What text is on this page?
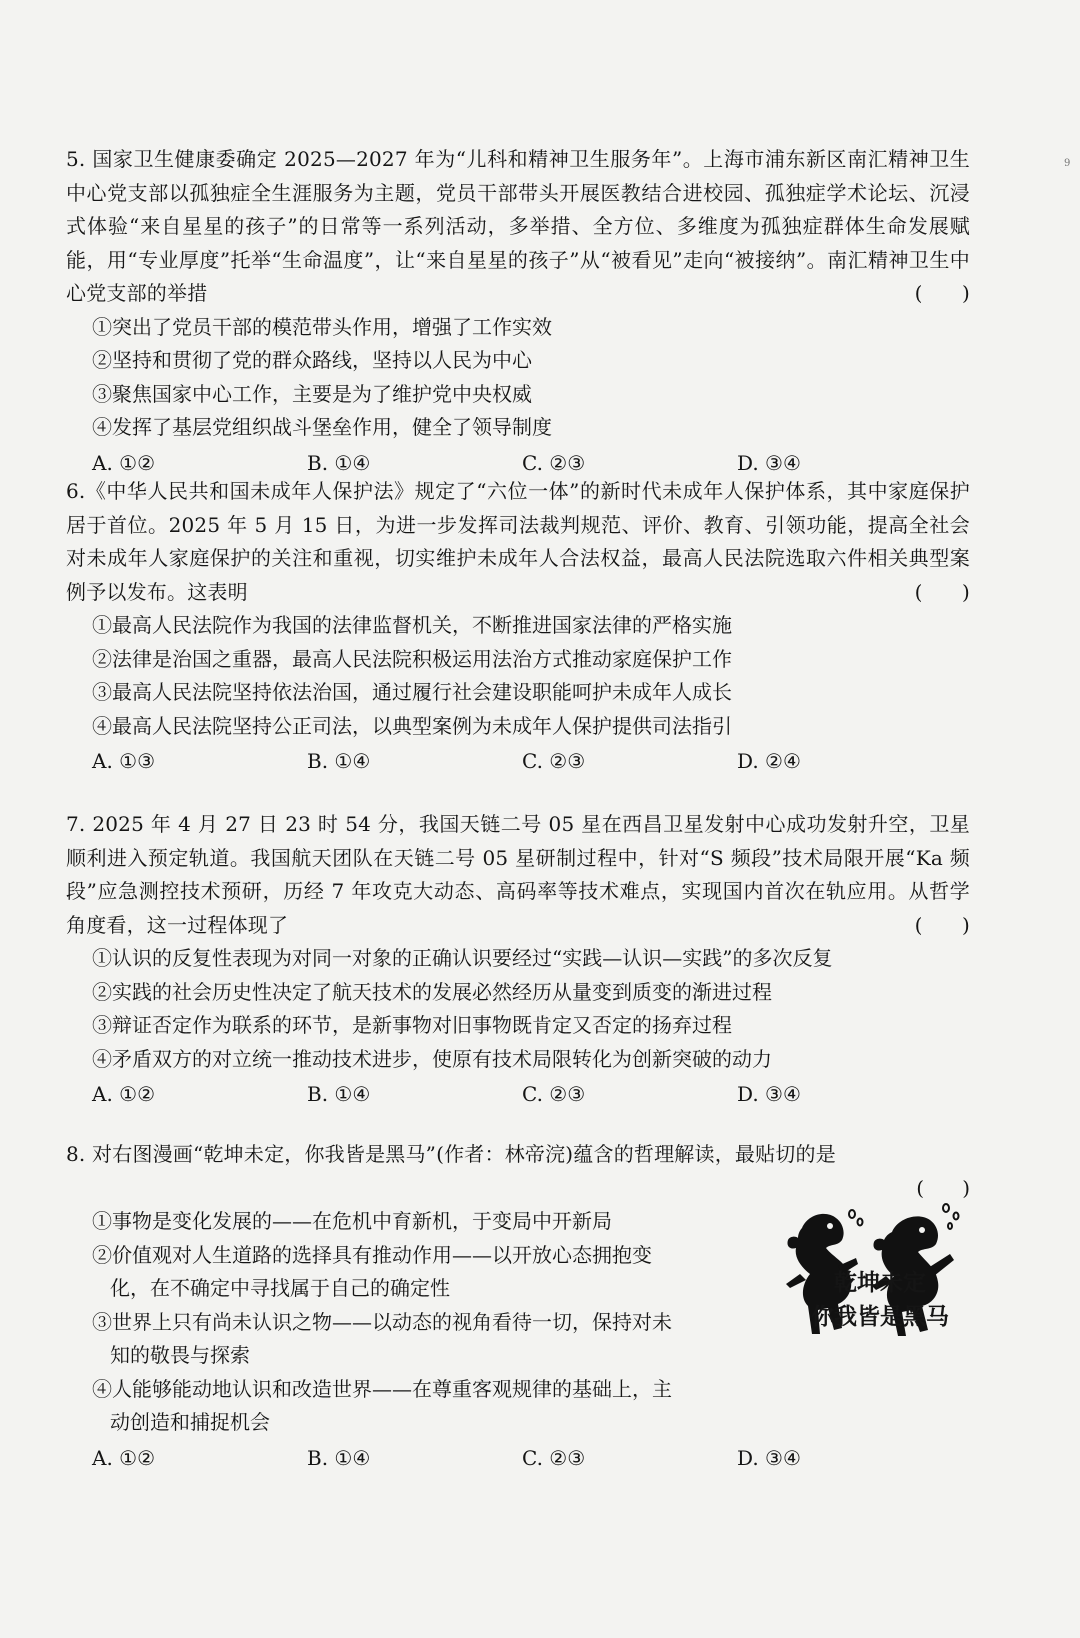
9
5. 国家卫生健康委确定 2025—2027 年为“儿科和精神卫生服务年”。上海市浦东新区南汇精神卫生中心党支部以孤独症全生涯服务为主题，党员干部带头开展医教结合进校园、孤独症学术论坛、沉浸式体验“来自星星的孩子”的日常等一系列活动，多举措、全方位、多维度为孤独症群体生命发展赋能，用“专业厚度”托举“生命温度”，让“来自星星的孩子”从“被看见”走向“被接纳”。南汇精神卫生中心党支部的举措	(      )
①突出了党员干部的模范带头作用，增强了工作实效
②坚持和贯彻了党的群众路线，坚持以人民为中心
③聚焦国家中心工作，主要是为了维护党中央权威
④发挥了基层党组织战斗堡垒作用，健全了领导制度
A. ①②	B. ①④	C. ②③	D. ③④
6.《中华人民共和国未成年人保护法》规定了“六位一体”的新时代未成年人保护体系，其中家庭保护居于首位。2025 年 5 月 15 日，为进一步发挥司法裁判规范、评价、教育、引领功能，提高全社会对未成年人家庭保护的关注和重视，切实维护未成年人合法权益，最高人民法院选取六件相关典型案例予以发布。这表明	(      )
①最高人民法院作为我国的法律监督机关，不断推进国家法律的严格实施
②法律是治国之重器，最高人民法院积极运用法治方式推动家庭保护工作
③最高人民法院坚持依法治国，通过履行社会建设职能呵护未成年人成长
④最高人民法院坚持公正司法，以典型案例为未成年人保护提供司法指引
A. ①③	B. ①④	C. ②③	D. ②④
7. 2025 年 4 月 27 日 23 时 54 分，我国天链二号 05 星在西昌卫星发射中心成功发射升空，卫星顺利进入预定轨道。我国航天团队在天链二号 05 星研制过程中，针对“S 频段”技术局限开展“Ka 频段”应急测控技术预研，历经 7 年攻克大动态、高码率等技术难点，实现国内首次在轨应用。从哲学角度看，这一过程体现了	(      )
①认识的反复性表现为对同一对象的正确认识要经过“实践—认识—实践”的多次反复
②实践的社会历史性决定了航天技术的发展必然经历从量变到质变的渐进过程
③辩证否定作为联系的环节，是新事物对旧事物既肯定又否定的扬弃过程
④矛盾双方的对立统一推动技术进步，使原有技术局限转化为创新突破的动力
A. ①②	B. ①④	C. ②③	D. ③④
8. 对右图漫画“乾坤未定，你我皆是黑马”(作者：林帝浣)蕴含的哲理解读，最贴切的是
(      )
①事物是变化发展的——在危机中育新机，于变局中开新局
②价值观对人生道路的选择具有推动作用——以开放心态拥抱变
化，在不确定中寻找属于自己的确定性
③世界上只有尚未认识之物——以动态的视角看待一切，保持对未
知的敬畏与探索
④人能够能动地认识和改造世界——在尊重客观规律的基础上，主
动创造和捕捉机会
A. ①②	B. ①④	C. ②③	D. ③④
乾坤未定
你我皆是黑马
